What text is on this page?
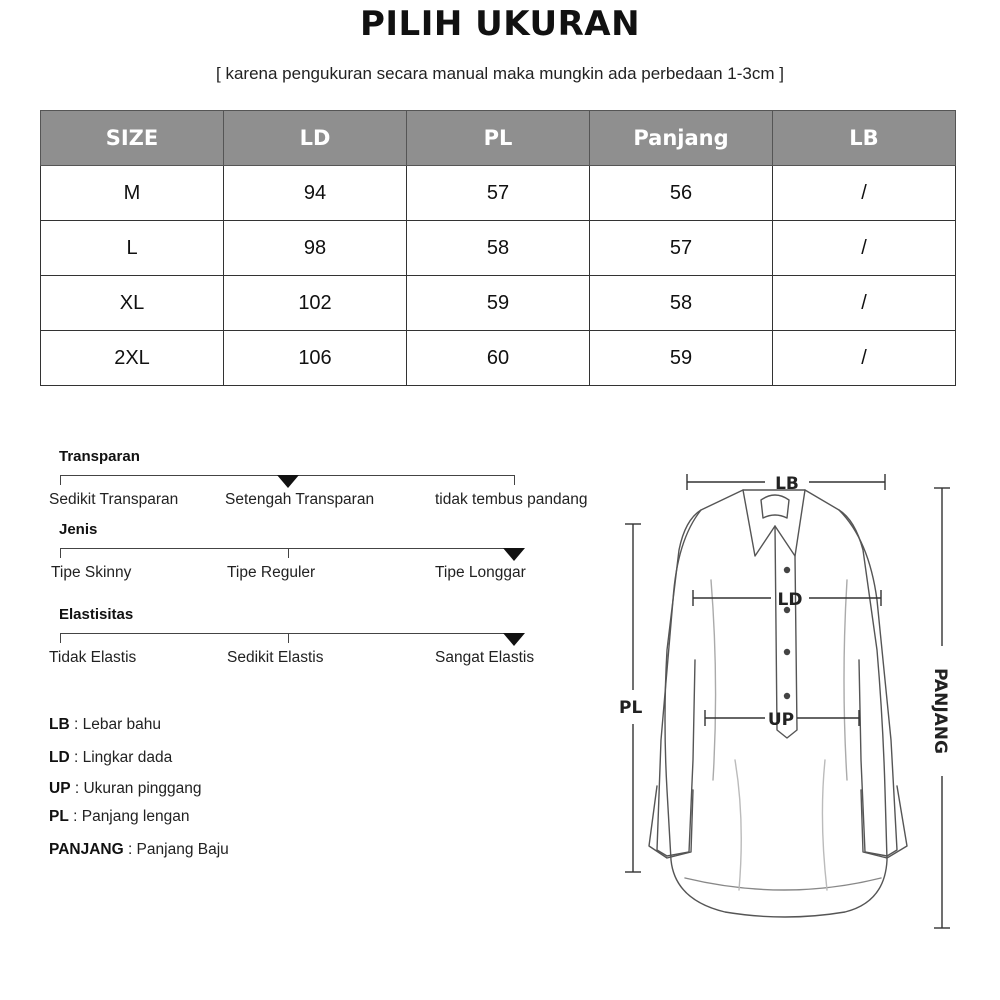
PILIH UKURAN
[ karena pengukuran secara manual maka mungkin ada perbedaan 1-3cm ]
SIZE	LD	PL	Panjang	LB
M	94	57	56	/
L	98	58	57	/
XL	102	59	58	/
2XL	106	60	59	/
Transparan
Sedikit Transparan	Setengah Transparan	tidak tembus pandang
Jenis
Tipe Skinny	Tipe Reguler	Tipe Longgar
Elastisitas
Tidak Elastis	Sedikit Elastis	Sangat Elastis
LB : Lebar bahu
LD : Lingkar dada
UP : Ukuran pinggang
PL : Panjang lengan
PANJANG : Panjang Baju
LB
LD
UP
PL	PANJANG
